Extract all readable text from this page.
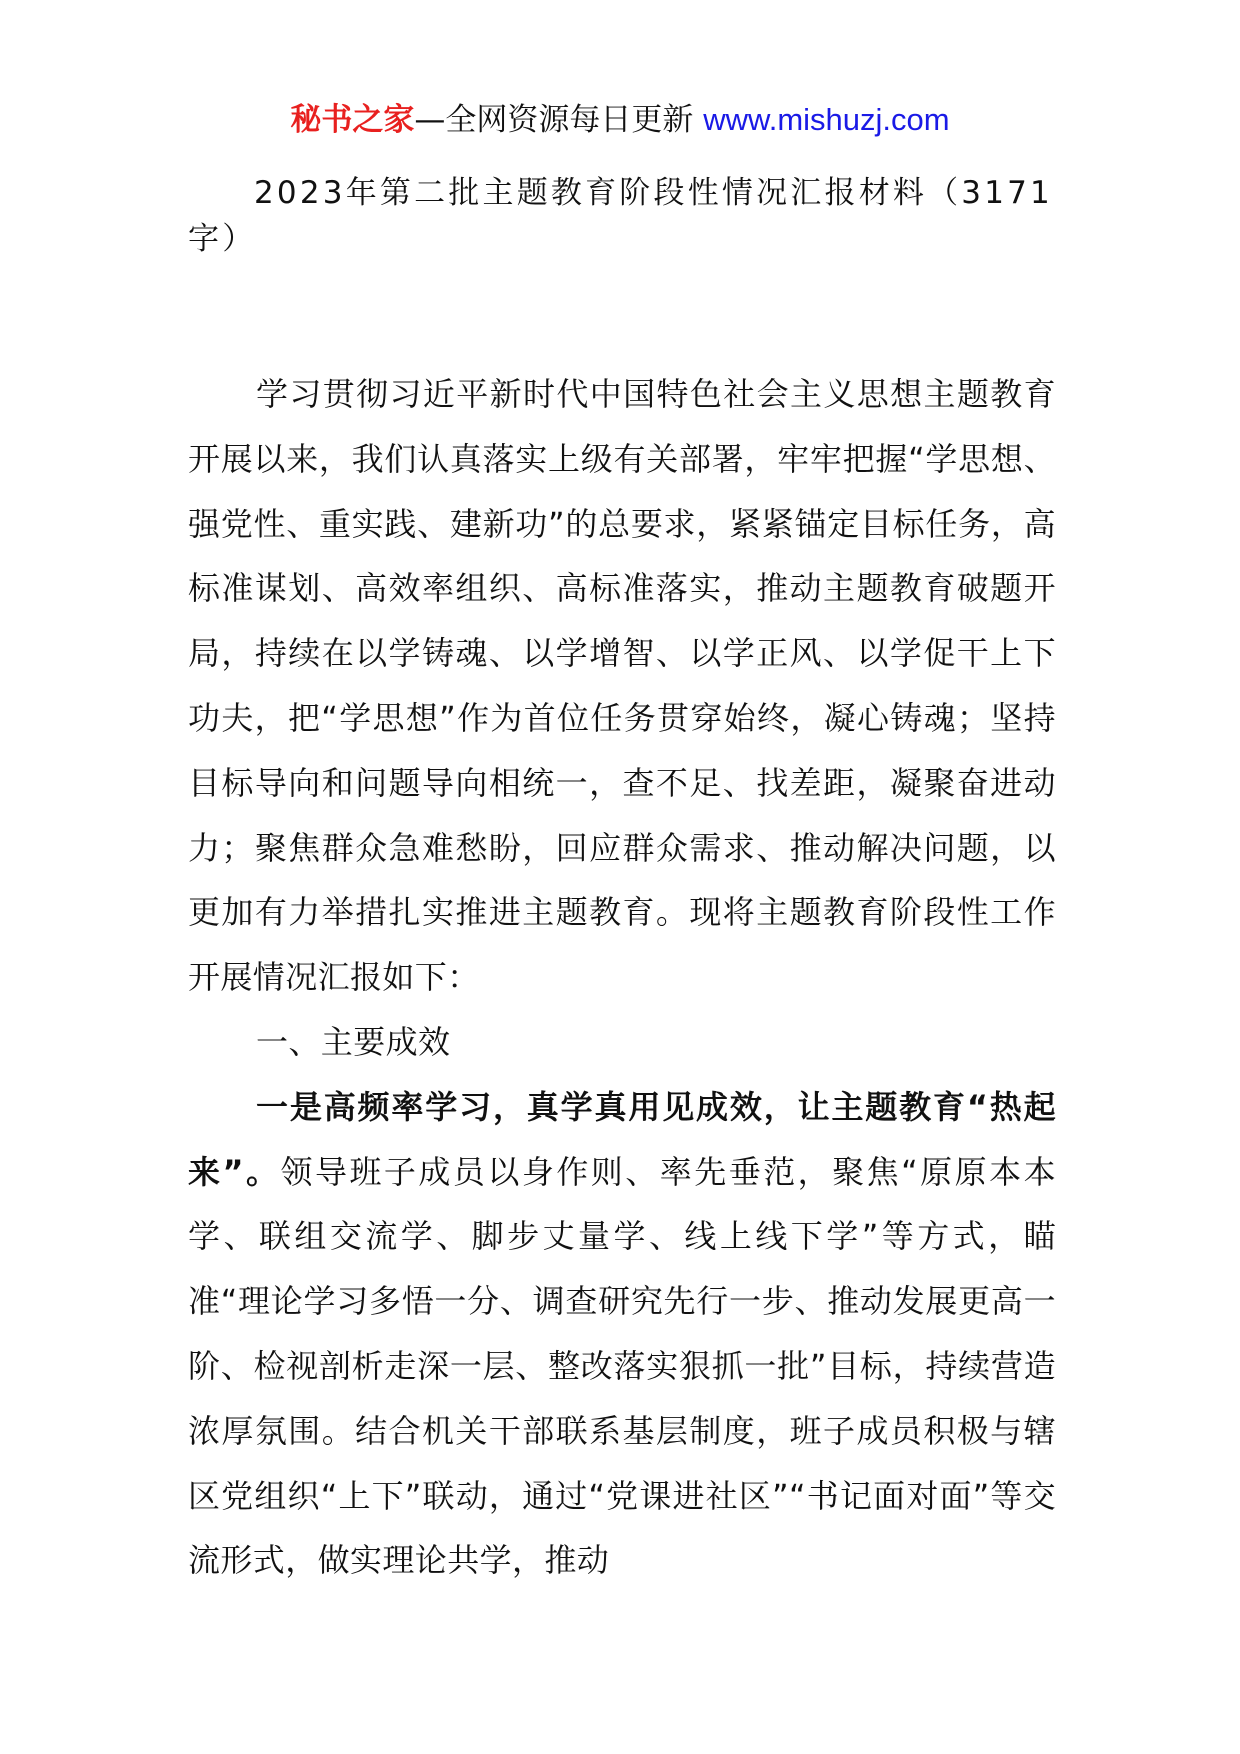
秘书之家—全网资源每日更新 www.mishuzj.com

2023年第二批主题教育阶段性情况汇报材料（3171字）

学习贯彻习近平新时代中国特色社会主义思想主题教育开展以来，我们认真落实上级有关部署，牢牢把握“学思想、强党性、重实践、建新功”的总要求，紧紧锚定目标任务，高标准谋划、高效率组织、高标准落实，推动主题教育破题开局，持续在以学铸魂、以学增智、以学正风、以学促干上下功夫，把“学思想”作为首位任务贯穿始终，凝心铸魂；坚持目标导向和问题导向相统一，查不足、找差距，凝聚奋进动力；聚焦群众急难愁盼，回应群众需求、推动解决问题，以更加有力举措扎实推进主题教育。现将主题教育阶段性工作开展情况汇报如下：

一、主要成效

一是高频率学习，真学真用见成效，让主题教育“热起来”。领导班子成员以身作则、率先垂范，聚焦“原原本本学、联组交流学、脚步丈量学、线上线下学”等方式，瞄准“理论学习多悟一分、调查研究先行一步、推动发展更高一阶、检视剖析走深一层、整改落实狠抓一批”目标，持续营造浓厚氛围。结合机关干部联系基层制度，班子成员积极与辖区党组织“上下”联动，通过“党课进社区”“书记面对面”等交流形式，做实理论共学，推动
